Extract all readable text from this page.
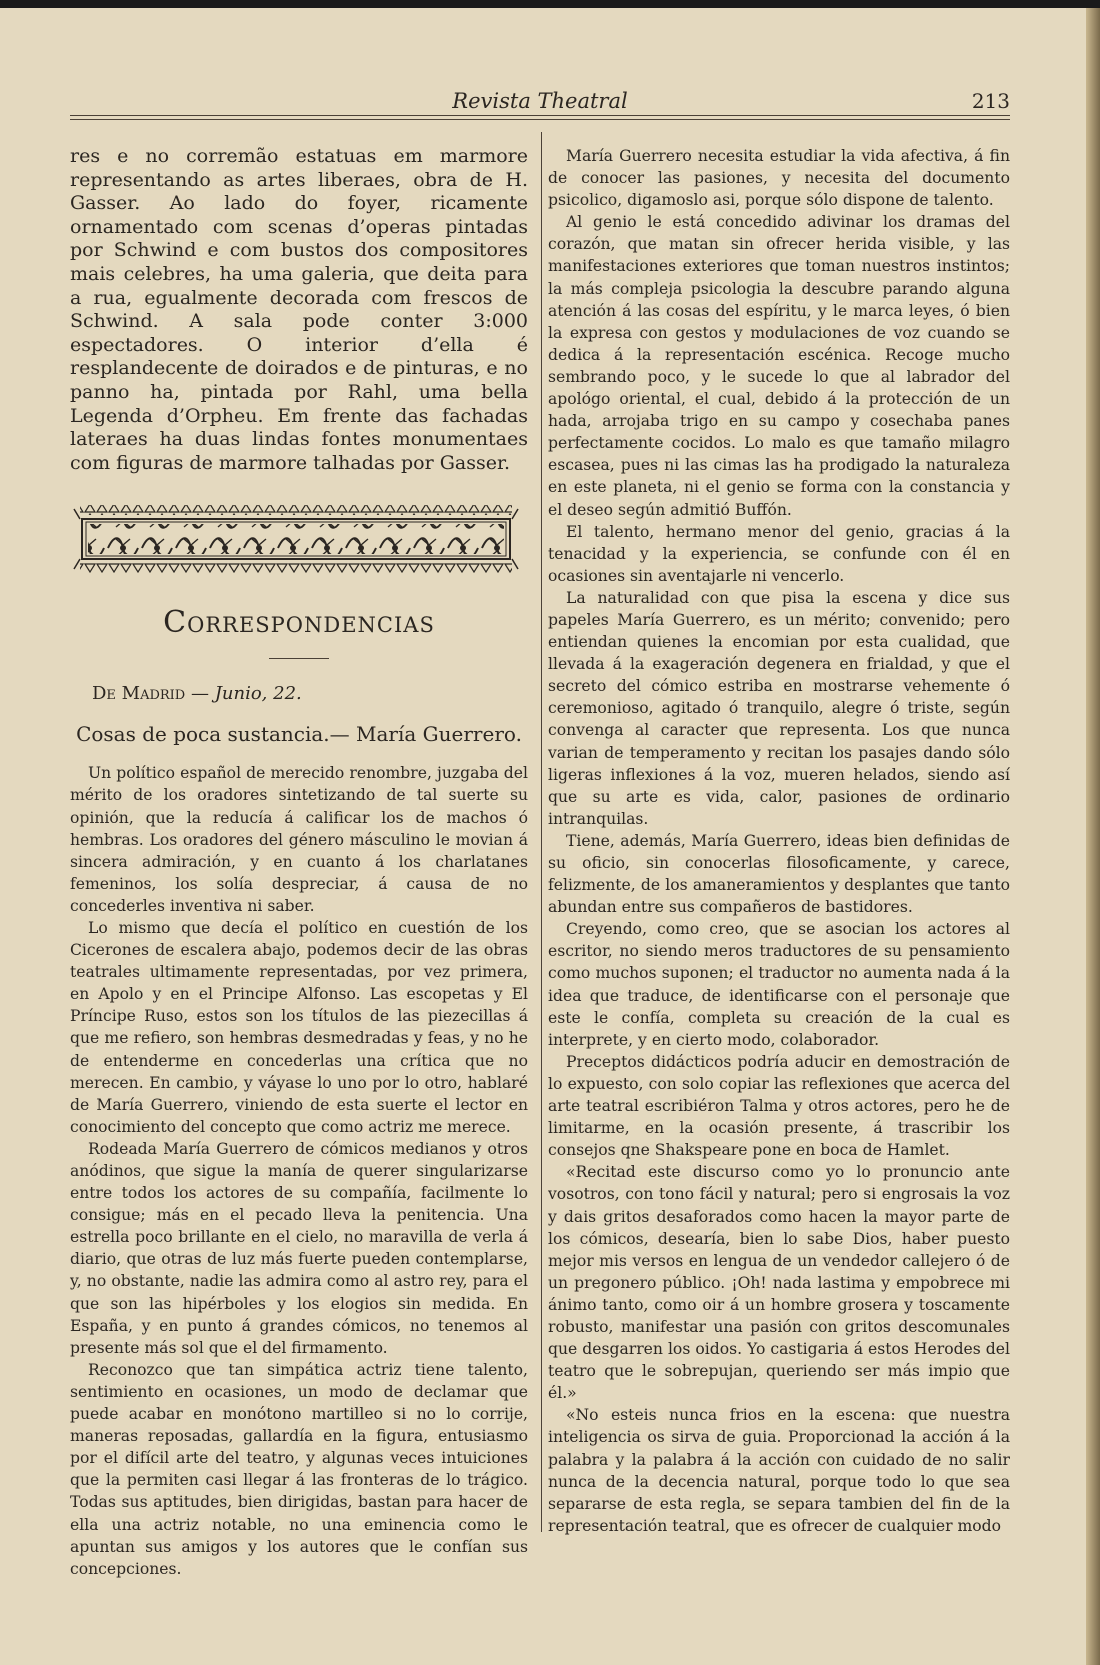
Revista Theatral	213

res e no corremão estatuas em marmore representando as artes liberaes, obra de H. Gasser. Ao lado do foyer, ricamente ornamentado com scenas d’operas pintadas por Schwind e com bustos dos compositores mais celebres, ha uma galeria, que deita para a rua, egualmente decorada com frescos de Schwind. A sala pode conter 3:000 espectadores. O interior d’ella é resplandecente de doirados e de pinturas, e no panno ha, pintada por Rahl, uma bella Legenda d’Orpheu. Em frente das fachadas lateraes ha duas lindas fontes monumentaes com figuras de marmore talhadas por Gasser.

Correspondencias
De Madrid — Junio, 22.
Cosas de poca sustancia.— María Guerrero.

Un político español de merecido renombre, juzgaba del mérito de los oradores sintetizando de tal suerte su opinión, que la reducía á calificar los de machos ó hembras. Los oradores del género másculino le movian á sincera admiración, y en cuanto á los charlatanes femeninos, los solía despreciar, á causa de no concederles inventiva ni saber.

Lo mismo que decía el político en cuestión de los Cicerones de escalera abajo, podemos decir de las obras teatrales ultimamente representadas, por vez primera, en Apolo y en el Principe Alfonso. Las escopetas y El Príncipe Ruso, estos son los títulos de las piezecillas á que me refiero, son hembras desmedradas y feas, y no he de entenderme en concederlas una crítica que no merecen. En cambio, y váyase lo uno por lo otro, hablaré de María Guerrero, viniendo de esta suerte el lector en conocimiento del concepto que como actriz me merece.

Rodeada María Guerrero de cómicos medianos y otros anódinos, que sigue la manía de querer singularizarse entre todos los actores de su compañía, facilmente lo consigue; más en el pecado lleva la penitencia. Una estrella poco brillante en el cielo, no maravilla de verla á diario, que otras de luz más fuerte pueden contemplarse, y, no obstante, nadie las admira como al astro rey, para el que son las hipérboles y los elogios sin medida. En España, y en punto á grandes cómicos, no tenemos al presente más sol que el del firmamento.

Reconozco que tan simpática actriz tiene talento, sentimiento en ocasiones, un modo de declamar que puede acabar en monótono martilleo si no lo corrije, maneras reposadas, gallardía en la figura, entusiasmo por el difícil arte del teatro, y algunas veces intuiciones que la permiten casi llegar á las fronteras de lo trágico. Todas sus aptitudes, bien dirigidas, bastan para hacer de ella una actriz notable, no una eminencia como le apuntan sus amigos y los autores que le confían sus concepciones.

María Guerrero necesita estudiar la vida afectiva, á fin de conocer las pasiones, y necesita del documento psicolico, digamoslo asi, porque sólo dispone de talento.

Al genio le está concedido adivinar los dramas del corazón, que matan sin ofrecer herida visible, y las manifestaciones exteriores que toman nuestros instintos; la más compleja psicologia la descubre parando alguna atención á las cosas del espíritu, y le marca leyes, ó bien la expresa con gestos y modulaciones de voz cuando se dedica á la representación escénica. Recoge mucho sembrando poco, y le sucede lo que al labrador del apológo oriental, el cual, debido á la protección de un hada, arrojaba trigo en su campo y cosechaba panes perfectamente cocidos. Lo malo es que tamaño milagro escasea, pues ni las cimas las ha prodigado la naturaleza en este planeta, ni el genio se forma con la constancia y el deseo según admitió Buffón.

El talento, hermano menor del genio, gracias á la tenacidad y la experiencia, se confunde con él en ocasiones sin aventajarle ni vencerlo.

La naturalidad con que pisa la escena y dice sus papeles María Guerrero, es un mérito; convenido; pero entiendan quienes la encomian por esta cualidad, que llevada á la exageración degenera en frialdad, y que el secreto del cómico estriba en mostrarse vehemente ó ceremonioso, agitado ó tranquilo, alegre ó triste, según convenga al caracter que representa. Los que nunca varian de temperamento y recitan los pasajes dando sólo ligeras inflexiones á la voz, mueren helados, siendo así que su arte es vida, calor, pasiones de ordinario intranquilas.

Tiene, además, María Guerrero, ideas bien definidas de su oficio, sin conocerlas filosoficamente, y carece, felizmente, de los amaneramientos y desplantes que tanto abundan entre sus compañeros de bastidores.

Creyendo, como creo, que se asocian los actores al escritor, no siendo meros traductores de su pensamiento como muchos suponen; el traductor no aumenta nada á la idea que traduce, de identificarse con el personaje que este le confía, completa su creación de la cual es interprete, y en cierto modo, colaborador.

Preceptos didácticos podría aducir en demostración de lo expuesto, con solo copiar las reflexiones que acerca del arte teatral escribiéron Talma y otros actores, pero he de limitarme, en la ocasión presente, á trascribir los consejos qne Shakspeare pone en boca de Hamlet.

«Recitad este discurso como yo lo pronuncio ante vosotros, con tono fácil y natural; pero si engrosais la voz y dais gritos desaforados como hacen la mayor parte de los cómicos, desearía, bien lo sabe Dios, haber puesto mejor mis versos en lengua de un vendedor callejero ó de un pregonero público. ¡Oh! nada lastima y empobrece mi ánimo tanto, como oir á un hombre grosera y toscamente robusto, manifestar una pasión con gritos descomunales que desgarren los oidos. Yo castigaria á estos Herodes del teatro que le sobrepujan, queriendo ser más impio que él.»

«No esteis nunca frios en la escena: que nuestra inteligencia os sirva de guia. Proporcionad la acción á la palabra y la palabra á la acción con cuidado de no salir nunca de la decencia natural, porque todo lo que sea separarse de esta regla, se separa tambien del fin de la representación teatral, que es ofrecer de cualquier modo
